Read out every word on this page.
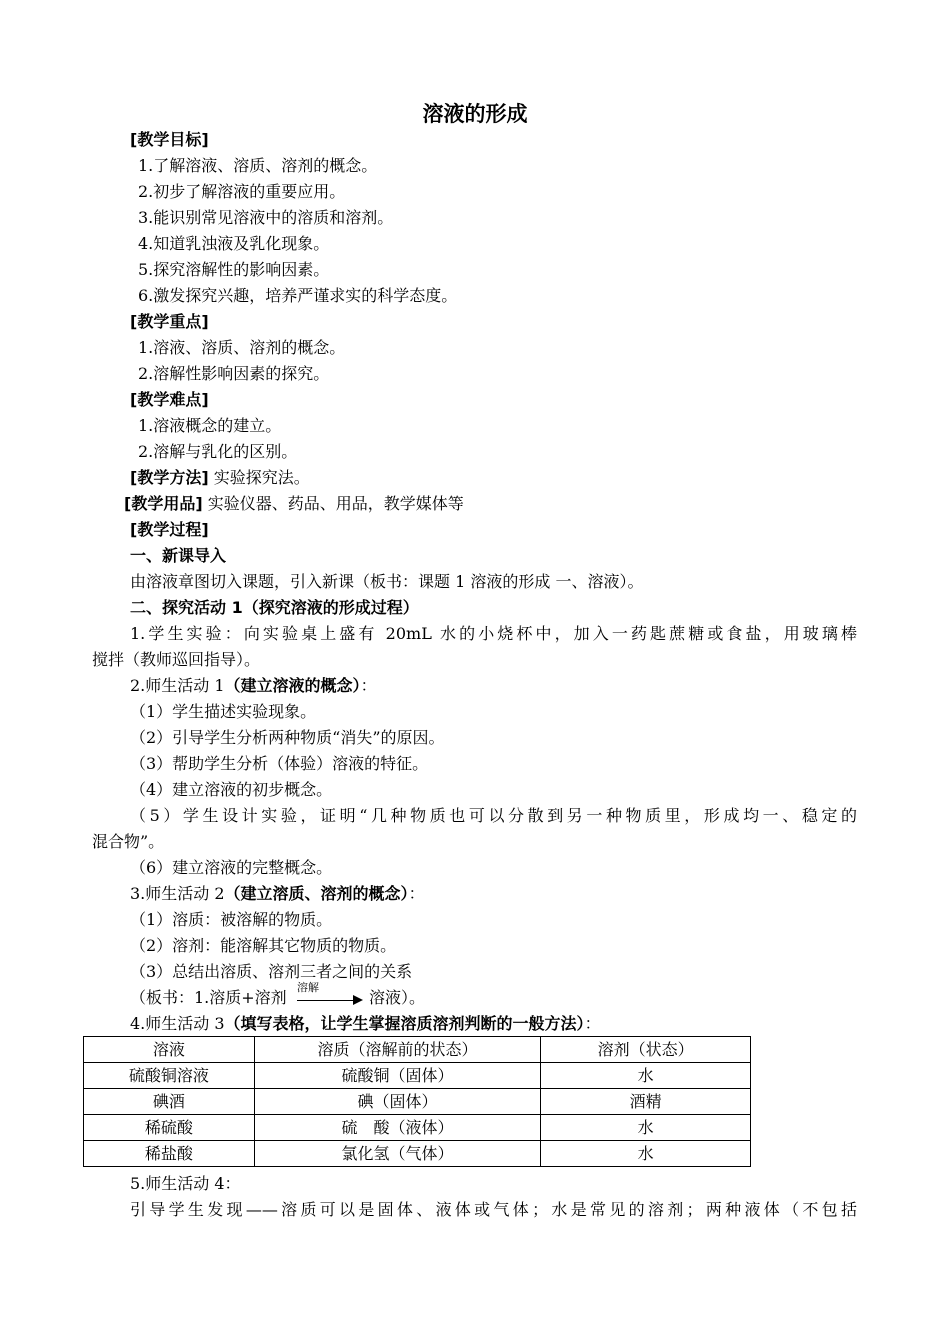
溶液的形成
[教学目标]
1.了解溶液、溶质、溶剂的概念。
2.初步了解溶液的重要应用。
3.能识别常见溶液中的溶质和溶剂。
4.知道乳浊液及乳化现象。
5.探究溶解性的影响因素。
6.激发探究兴趣，培养严谨求实的科学态度。
[教学重点]
1.溶液、溶质、溶剂的概念。
2.溶解性影响因素的探究。
[教学难点]
1.溶液概念的建立。
2.溶解与乳化的区别。
[教学方法] 实验探究法。
[教学用品] 实验仪器、药品、用品，教学媒体等
[教学过程]
一、新课导入
由溶液章图切入课题，引入新课（板书：课题 1 溶液的形成 一、溶液）。
二、探究活动 1（探究溶液的形成过程）
1.学生实验：向实验桌上盛有 20mL 水的小烧杯中，加入一药匙蔗糖或食盐，用玻璃棒
搅拌（教师巡回指导）。
2.师生活动 1（建立溶液的概念）：
（1）学生描述实验现象。
（2）引导学生分析两种物质“消失”的原因。
（3）帮助学生分析（体验）溶液的特征。
（4）建立溶液的初步概念。
（5）学生设计实验，证明“几种物质也可以分散到另一种物质里，形成均一、稳定的
混合物”。
（6）建立溶液的完整概念。
3.师生活动 2（建立溶质、溶剂的概念）：
（1）溶质：被溶解的物质。
（2）溶剂：能溶解其它物质的物质。
（3）总结出溶质、溶剂三者之间的关系
（板书：1.溶质+溶剂
溶解
溶液）。
4.师生活动 3（填写表格，让学生掌握溶质溶剂判断的一般方法）：
溶液	溶质（溶解前的状态）	溶剂（状态）
硫酸铜溶液	硫酸铜（固体）	水
碘酒	碘（固体）	酒精
稀硫酸	硫　酸（液体）	水
稀盐酸	氯化氢（气体）	水
5.师生活动 4：
引导学生发现——溶质可以是固体、液体或气体；水是常见的溶剂；两种液体（不包括
